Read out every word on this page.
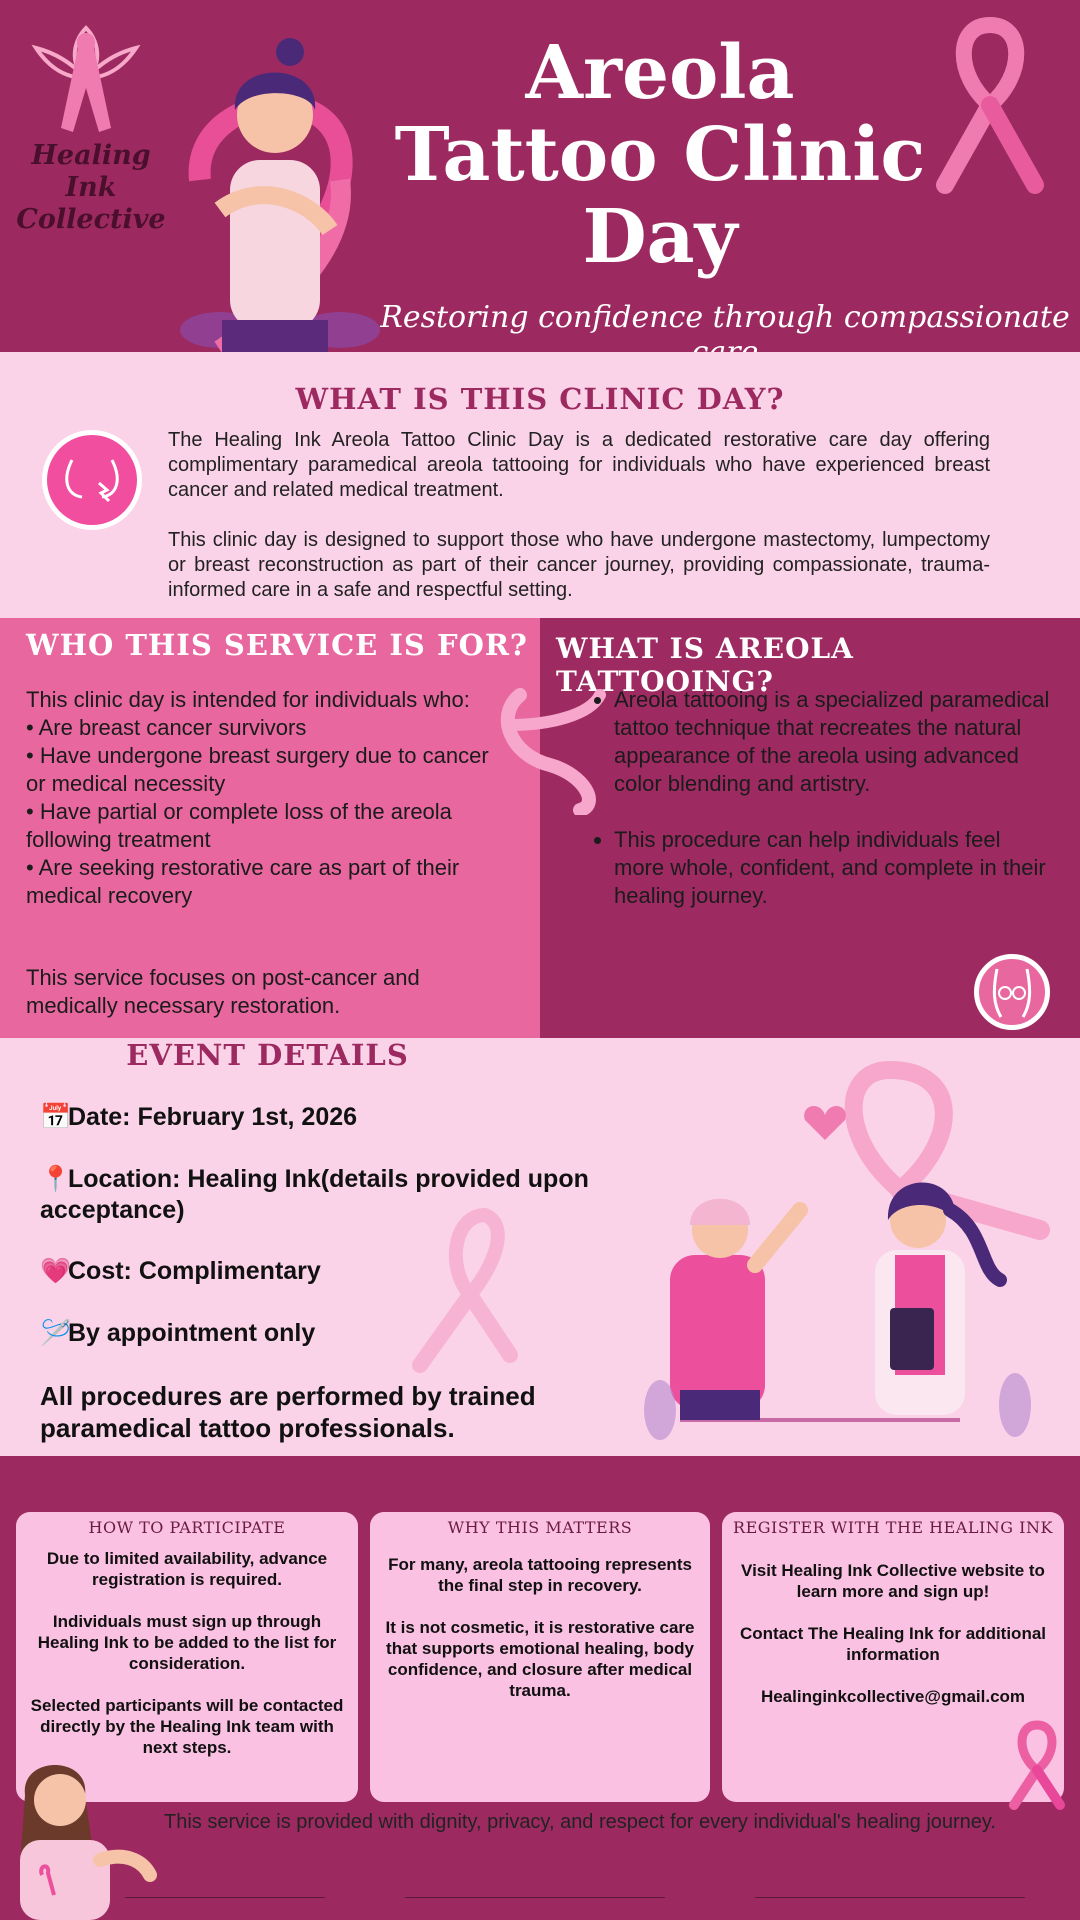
Healing Ink Collective
Areola
Tattoo Clinic
Day
Restoring confidence through compassionate
WHAT IS THIS CLINIC DAY?

The Healing Ink Areola Tattoo Clinic Day is a dedicated restorative care day offering complimentary paramedical areola tattooing for individuals who have experienced breast cancer and related medical treatment.

This clinic day is designed to support those who have undergone mastectomy, lumpectomy or breast reconstruction as part of their cancer journey, providing compassionate, trauma-informed care in a safe and respectful setting.

WHO THIS SERVICE IS FOR? WHAT IS AREOLA TATTOOING?
This clinic day is intended for individuals who:
• Are breast cancer survivors
• Have undergone breast surgery due to cancer or medical necessity
• Have partial or complete loss of the areola following treatment
• Are seeking restorative care as part of their medical recovery
This service focuses on post-cancer and medically necessary restoration.
• Areola tattooing is a specialized paramedical tattoo technique that recreates the natural appearance of the areola using advanced color blending and artistry.
• This procedure can help individuals feel more whole, confident, and complete in their healing journey.
EVENT DETAILS
📅Date: February 1st, 2026
📍Location: Healing Ink(details provided upon acceptance)
💗Cost: Complimentary
🪡By appointment only
All procedures are performed by trained paramedical tattoo professionals.
HOW TO PARTICIPATE

Due to limited availability, advance registration is required.

Individuals must sign up through Healing Ink to be added to the list for consideration.

Selected participants will be contacted directly by the Healing Ink team with next steps.

WHY THIS MATTERS

For many, areola tattooing represents the final step in recovery.

It is not cosmetic, it is restorative care that supports emotional healing, body confidence, and closure after medical trauma.

REGISTER WITH THE HEALING INK

Visit Healing Ink Collective website to learn more and sign up!

Contact The Healing Ink for additional information

Healinginkcollective@gmail.com

This service is provided with dignity, privacy, and respect for every individual's healing journey.
